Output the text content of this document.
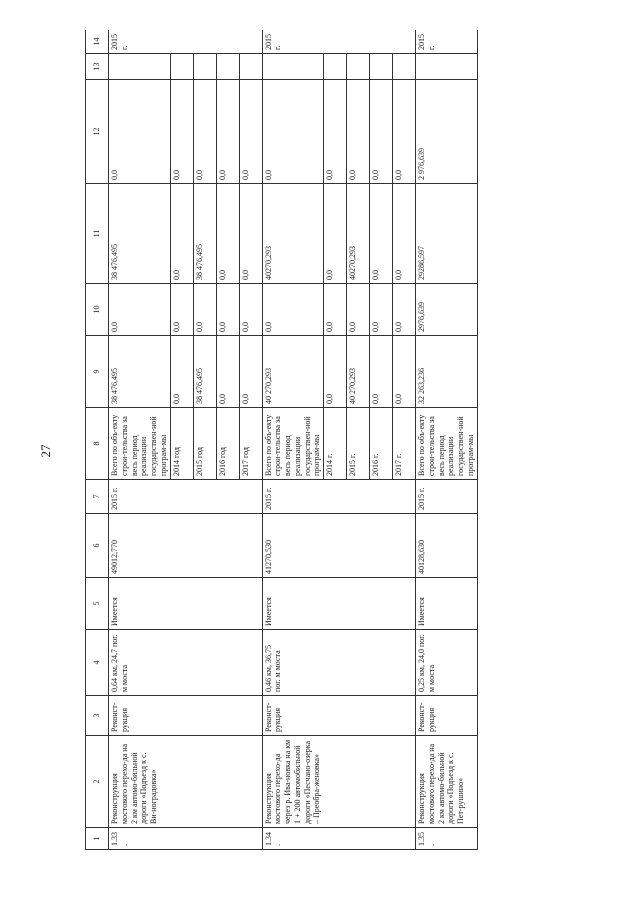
27
1	2	3	4	5	6	7	8	9	10	11	12	13	14
1.33.	Реконструкция мостового перехо-да на 2 км автомо-бильной дороги «Подъезд к с. Ви-ноградовка»	Реконст-рукция	0,64 км, 24,7 пог. м моста	Имеется	49012,770	2015 г.	Всего по объ-екту строи-тельства за весь период реализации государствен-ной програм-мы	38 476,495	0,0	38 476,495	0,0		2015 г.
							2014 год	0,0	0,0	0,0	0,0		
							2015 год	38 476,495	0,0	38 476,495	0,0		
							2016 год	0,0	0,0	0,0	0,0		
							2017 год	0,0	0,0	0,0	0,0		
1.34.	Реконструкция мостового перехо-да через р. Ива-новка на км 1 + 200 автомобильной дороги «Песчано-озерка – Преобра-женовка»	Реконст-рукция	0,46 км, 36,75 пог. м моста	Имеется	41270,530	2015 г.	Всего по объ-екту строи-тельства за весь период реализации государствен-ной програм-мы	40 270,293	0,0	40270,293	0,0		2015 г.
							2014 г.	0,0	0,0	0,0	0,0		
							2015 г.	40 270,293	0,0	40270,293	0,0		
							2016 г.	0,0	0,0	0,0	0,0		
							2017 г.	0,0	0,0	0,0	0,0		
1.35.	Реконструкция мостового перехо-да на 2 км автомо-бильной дороги «Подъезд к с. Пет-рушино»	Реконст-рукция	0,25 км, 24,0 пог. м моста	Имеется	40128,630	2015 г.	Всего по объ-екту строи-тельства за весь период реализации государствен-ной програм-мы	32 263,236	2976,639	29286,597	2 976,639		2015 г.
